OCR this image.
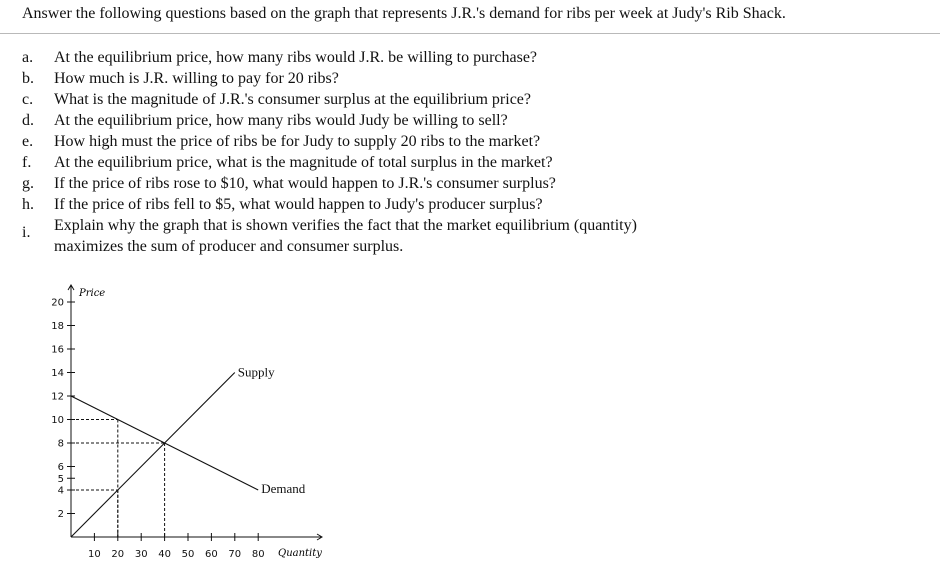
Answer the following questions based on the graph that represents J.R.'s demand for ribs per week at Judy's Rib Shack.
a.	At the equilibrium price, how many ribs would J.R. be willing to purchase?
b.	How much is J.R. willing to pay for 20 ribs?
c.	What is the magnitude of J.R.'s consumer surplus at the equilibrium price?
d.	At the equilibrium price, how many ribs would Judy be willing to sell?
e.	How high must the price of ribs be for Judy to supply 20 ribs to the market?
f.	At the equilibrium price, what is the magnitude of total surplus in the market?
g.	If the price of ribs rose to $10, what would happen to J.R.'s consumer surplus?
h.	If the price of ribs fell to $5, what would happen to Judy's producer surplus?
i.	Explain why the graph that is shown verifies the fact that the market equilibrium (quantity) maximizes the sum of producer and consumer surplus.
2
4
5
6
8
10
12
14
16
18
20
10 20 30 40 50 60 70 80
Price
Quantity
Supply
Demand
